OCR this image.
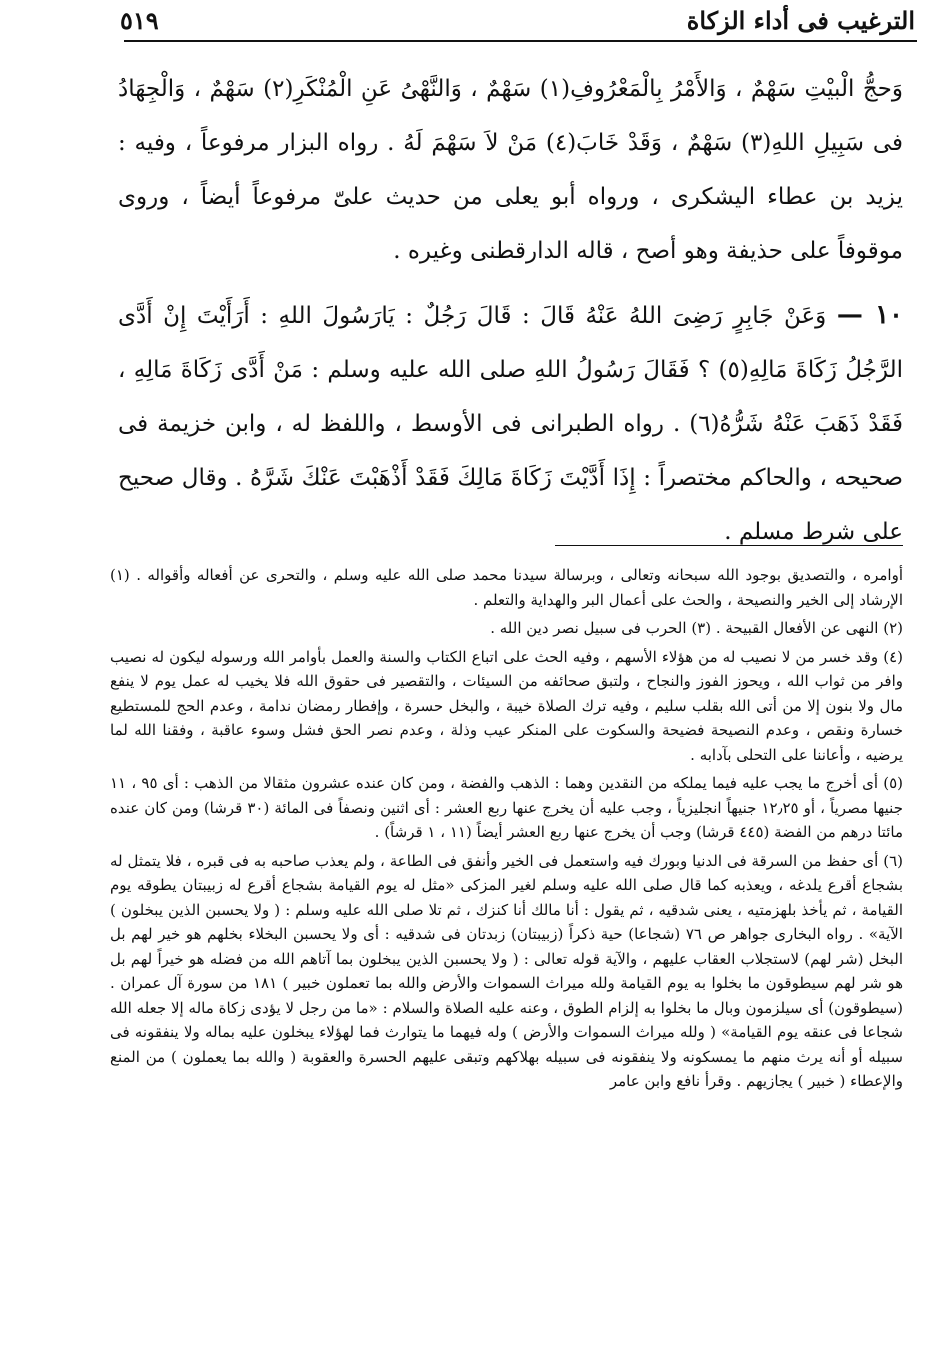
٥١٩	الترغيب فى أداء الزكاة

وَحجُّ الْبيْتِ سَهْمٌ ، وَالأَمْرُ بِالْمَعْرُوفِ(١) سَهْمٌ ، وَالنَّهْىُ عَنِ الْمُنْكَرِ(٢) سَهْمٌ ، وَالْجِهَادُ فى سَبِيلِ اللهِ(٣) سَهْمٌ ، وَقَدْ خَابَ(٤) مَنْ لاَ سَهْمَ لَهُ . رواه البزار مرفوعاً ، وفيه : يزيد بن عطاء اليشكرى ، ورواه أبو يعلى من حديث علىّ مرفوعاً أيضاً ، وروى موقوفاً على حذيفة وهو أصح ، قاله الدارقطنى وغيره .

١٠ — وَعَنْ جَابِرٍ رَضِىَ اللهُ عَنْهُ قَالَ : قَالَ رَجُلٌ : يَارَسُولَ اللهِ : أَرَأَيْتَ إِنْ أَدَّى الرَّجُلُ زَكَاةَ مَالِهِ(٥) ؟ فَقَالَ رَسُولُ اللهِ صلى الله عليه وسلم : مَنْ أَدَّى زَكَاةَ مَالِهِ ، فَقَدْ ذَهَبَ عَنْهُ شَرُّهُ(٦) . رواه الطبرانى فى الأوسط ، واللفظ له ، وابن خزيمة فى صحيحه ، والحاكم مختصراً : إِذَا أَدَّيْتَ زَكَاةَ مَالِكَ فَقَدْ أَذْهَبْتَ عَنْكَ شَرَّهُ . وقال صحيح على شرط مسلم .

أوامره ، والتصديق بوجود الله سبحانه وتعالى ، وبرسالة سيدنا محمد صلى الله عليه وسلم ، والتحرى عن أفعاله وأقواله . (١) الإرشاد إلى الخير والنصيحة ، والحث على أعمال البر والهداية والتعلم .

(٢) النهى عن الأفعال القبيحة . (٣) الحرب فى سبيل نصر دين الله .

(٤) وقد خسر من لا نصيب له من هؤلاء الأسهم ، وفيه الحث على اتباع الكتاب والسنة والعمل بأوامر الله ورسوله ليكون له نصيب وافر من ثواب الله ، ويحوز الفوز والنجاح ، ولتبق صحائفه من السيئات ، والتقصير فى حقوق الله فلا يخيب له عمل يوم لا ينفع مال ولا بنون إلا من أتى الله بقلب سليم ، وفيه ترك الصلاة خيبة ، والبخل حسرة ، وإفطار رمضان ندامة ، وعدم الحج للمستطيع خسارة ونقص ، وعدم النصيحة فضيحة والسكوت على المنكر عيب وذلة ، وعدم نصر الحق فشل وسوء عاقبة ، وفقنا الله لما يرضيه ، وأعاننا على التحلى بآدابه .

(٥) أى أخرج ما يجب عليه فيما يملكه من النقدين وهما : الذهب والفضة ، ومن كان عنده عشرون مثقالا من الذهب : أى ٩٥ ، ١١ جنيها مصرياً ، أو ١٢٫٢٥ جنيهاً انجليزياً ، وجب عليه أن يخرج عنها ربع العشر : أى اثنين ونصفاً فى المائة (٣٠ قرشا) ومن كان عنده مائتا درهم من الفضة (٤٤٥ قرشا) وجب أن يخرج عنها ربع العشر أيضاً (١١ ، ١ قرشاً) .

(٦) أى حفظ من السرقة فى الدنيا وبورك فيه واستعمل فى الخير وأنفق فى الطاعة ، ولم يعذب صاحبه به فى قبره ، فلا يتمثل له بشجاع أقرع يلدغه ، ويعذبه كما قال صلى الله عليه وسلم لغير المزكى «مثل له يوم القيامة بشجاع أقرع له زبيبتان يطوقه يوم القيامة ، ثم يأخذ بلهزمتيه ، يعنى شدقيه ، ثم يقول : أنا مالك أنا كنزك ، ثم تلا صلى الله عليه وسلم : ( ولا يحسبن الذين يبخلون ) الآية» . رواه البخارى جواهر ص ٧٦ (شجاعا) حية ذكراً (زبيبتان) زبدتان فى شدقيه : أى ولا يحسبن البخلاء بخلهم هو خير لهم بل البخل (شر لهم) لاستجلاب العقاب عليهم ، والآية قوله تعالى : ( ولا يحسبن الذين يبخلون بما آتاهم الله من فضله هو خيراً لهم بل هو شر لهم سيطوقون ما بخلوا به يوم القيامة ولله ميراث السموات والأرض والله بما تعملون خبير ) ١٨١ من سورة آل عمران . (سيطوقون) أى سيلزمون وبال ما بخلوا به إلزام الطوق ، وعنه عليه الصلاة والسلام : «ما من رجل لا يؤدى زكاة ماله إلا جعله الله شجاعا فى عنقه يوم القيامة» ( ولله ميراث السموات والأرض ) وله فيهما ما يتوارث فما لهؤلاء يبخلون عليه بماله ولا ينفقونه فى سبيله أو أنه يرث منهم ما يمسكونه ولا ينفقونه فى سبيله بهلاكهم وتبقى عليهم الحسرة والعقوبة ( والله بما يعملون ) من المنع والإعطاء ( خبير ) يجازيهم . وقرأ نافع وابن عامر
